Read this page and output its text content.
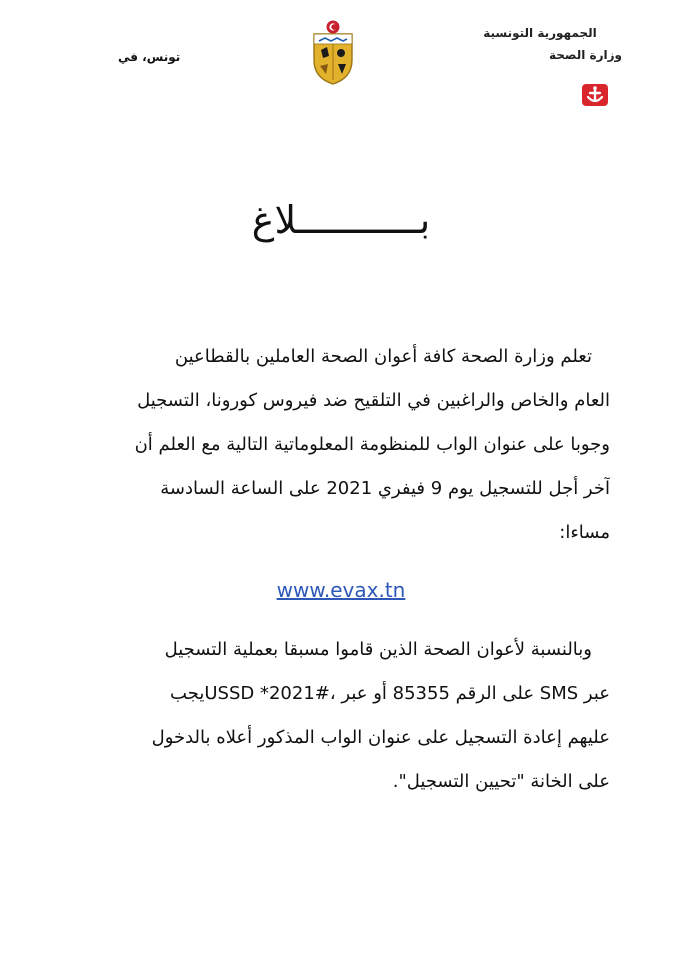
الجمهورية التونسية
وزارة الصحة
تونس، في
بـــــــــــلاغ
تعلم وزارة الصحة كافة أعوان الصحة العاملين بالقطاعين
العام والخاص والراغبين في التلقيح ضد فيروس كورونا، التسجيل
وجوبا على عنوان الواب للمنظومة المعلوماتية التالية مع العلم أن
آخر أجل للتسجيل يوم 9 فيفري 2021 على الساعة السادسة
مساءا:
www.evax.tn
وبالنسبة لأعوان الصحة الذين قاموا مسبقا بعملية التسجيل
عبر SMS على الرقم 85355 أو عبر ،#2021* USSDيجب
عليهم إعادة التسجيل على عنوان الواب المذكور أعلاه بالدخول
على الخانة "تحيين التسجيل".
